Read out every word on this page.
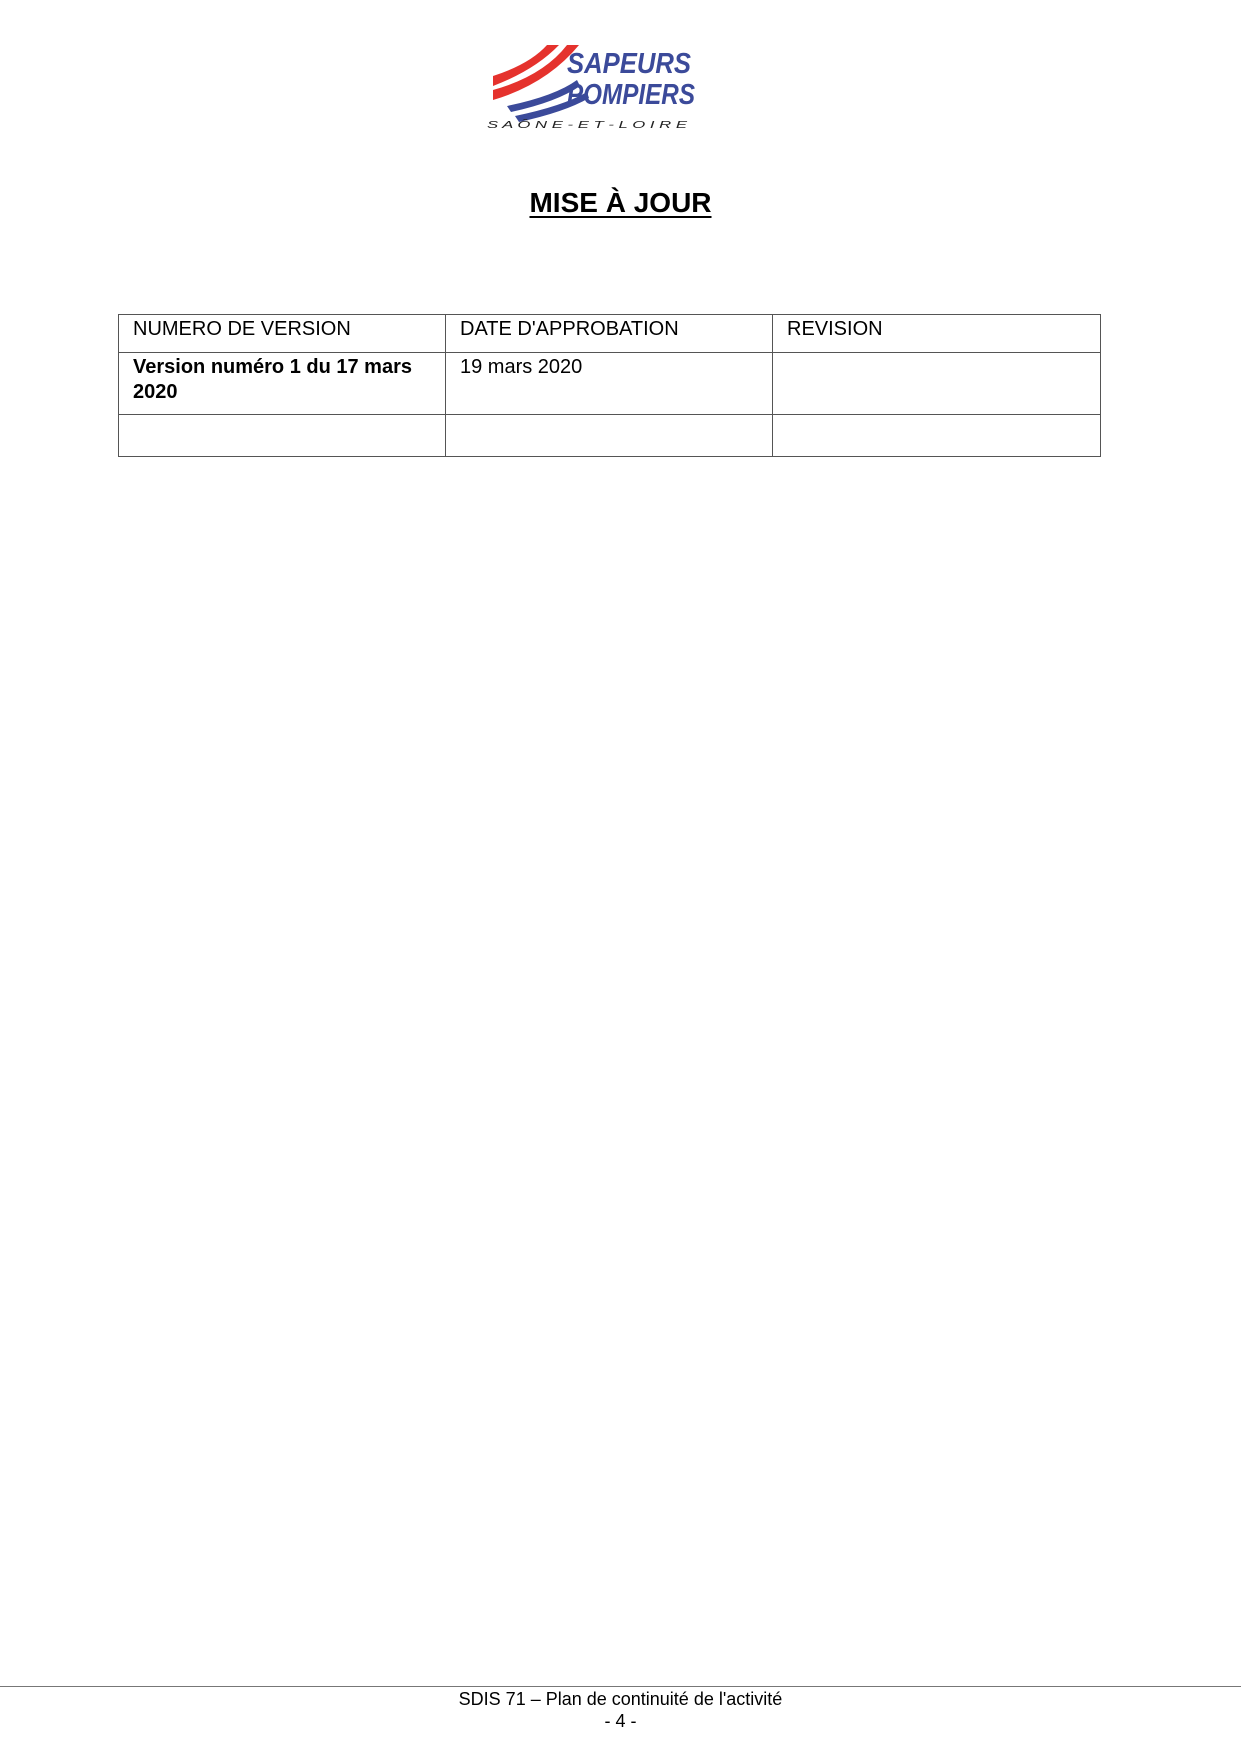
SAPEURS
POMPIERS
S A Ô N E - E T - L O I R E
MISE À JOUR
NUMERO DE VERSION	DATE D'APPROBATION	REVISION
Version numéro 1 du 17 mars 2020	19 mars 2020	

SDIS 71 – Plan de continuité de l'activité
- 4 -
